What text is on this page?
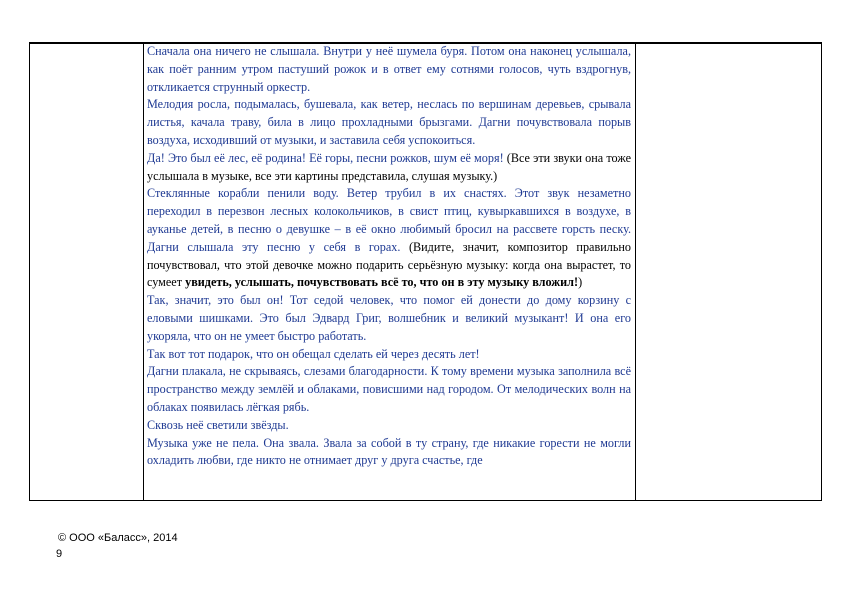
Сначала она ничего не слышала. Внутри у неё шумела буря. Потом она наконец услышала, как поёт ранним утром пастуший рожок и в ответ ему сотнями голосов, чуть вздрогнув, откликается струнный оркестр.

Мелодия росла, подымалась, бушевала, как ветер, неслась по вершинам деревьев, срывала листья, качала траву, била в лицо прохладными брызгами. Дагни почувствовала порыв воздуха, исходивший от музыки, и заставила себя успокоиться.

Да! Это был её лес, её родина! Её горы, песни рожков, шум её моря! (Все эти звуки она тоже услышала в музыке, все эти картины представила, слушая музыку.)

Стеклянные корабли пенили воду. Ветер трубил в их снастях. Этот звук незаметно переходил в перезвон лесных колокольчиков, в свист птиц, кувыркавшихся в воздухе, в ауканье детей, в песню о девушке – в её окно любимый бросил на рассвете горсть песку. Дагни слышала эту песню у себя в горах. (Видите, значит, композитор правильно почувствовал, что этой девочке можно подарить серьёзную музыку: когда она вырастет, то сумеет увидеть, услышать, почувствовать всё то, что он в эту музыку вложил!)

Так, значит, это был он! Тот седой человек, что помог ей донести до дому корзину с еловыми шишками. Это был Эдвард Григ, волшебник и великий музыкант! И она его укоряла, что он не умеет быстро работать.

Так вот тот подарок, что он обещал сделать ей через десять лет!

Дагни плакала, не скрываясь, слезами благодарности. К тому времени музыка заполнила всё пространство между землёй и облаками, повисшими над городом. От мелодических волн на облаках появилась лёгкая рябь.

Сквозь неё светили звёзды.

Музыка уже не пела. Она звала. Звала за собой в ту страну, где никакие горести не могли охладить любви, где никто не отнимает друг у друга счастье, где

© ООО «Баласс», 2014
9
